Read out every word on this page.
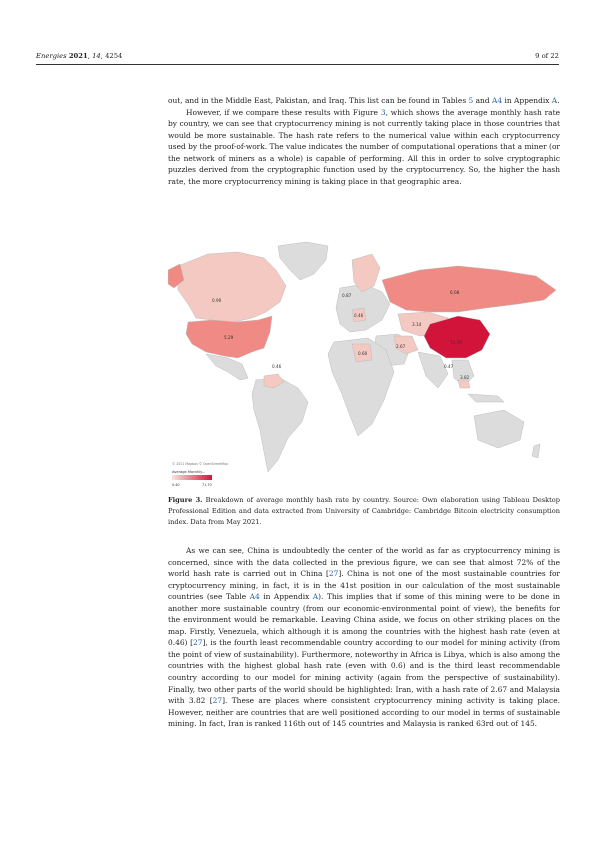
Energies 2021, 14, 4254	9 of 22
out, and in the Middle East, Pakistan, and Iraq. This list can be found in Tables 5 and A4 in Appendix A.
However, if we compare these results with Figure 3, which shows the average monthly hash rate by country, we can see that cryptocurrency mining is not currently taking place in those countries that would be more sustainable. The hash rate refers to the numerical value within each cryptocurrency used by the proof-of-work. The value indicates the number of computational operations that a miner (or the network of miners as a whole) is capable of performing. All this in order to solve cryptographic puzzles derived from the cryptographic function used by the cryptocurrency. So, the higher the hash rate, the more cryptocurrency mining is taking place in that geographic area.
0.90
5.29
6.08
3.14
71.70
2.67
0.60
3.82
0.47
0.46
0.87
0.46
© 2021 Mapbox © OpenStreetMap
Average Monthly...
0.40	71.70
Figure 3. Breakdown of average monthly hash rate by country. Source: Own elaboration using Tableau Desktop Professional Edition and data extracted from University of Cambridge: Cambridge Bitcoin electricity consumption index. Data from May 2021.
As we can see, China is undoubtedly the center of the world as far as cryptocurrency mining is concerned, since with the data collected in the previous figure, we can see that almost 72% of the world hash rate is carried out in China [27]. China is not one of the most sustainable countries for cryptocurrency mining, in fact, it is in the 41st position in our calculation of the most sustainable countries (see Table A4 in Appendix A). This implies that if some of this mining were to be done in another more sustainable country (from our economic-environmental point of view), the benefits for the environment would be remarkable. Leaving China aside, we focus on other striking places on the map. Firstly, Venezuela, which although it is among the countries with the highest hash rate (even at 0.46) [27], is the fourth least recommendable country according to our model for mining activity (from the point of view of sustainability). Furthermore, noteworthy in Africa is Libya, which is also among the countries with the highest global hash rate (even with 0.6) and is the third least recommendable country according to our model for mining activity (again from the perspective of sustainability). Finally, two other parts of the world should be highlighted: Iran, with a hash rate of 2.67 and Malaysia with 3.82 [27]. These are places where consistent cryptocurrency mining activity is taking place. However, neither are countries that are well positioned according to our model in terms of sustainable mining. In fact, Iran is ranked 116th out of 145 countries and Malaysia is ranked 63rd out of 145.
